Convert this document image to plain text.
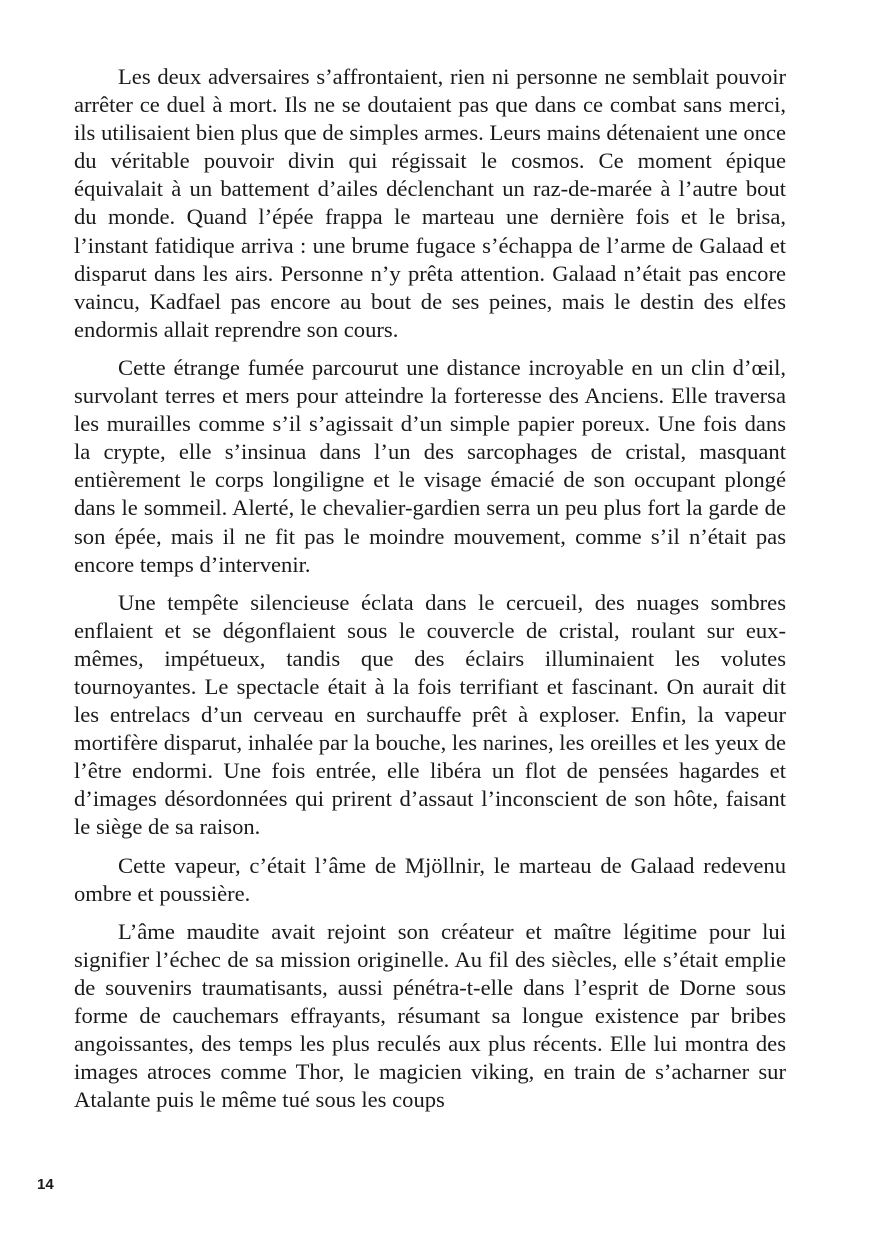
Les deux adversaires s’affrontaient, rien ni personne ne semblait pouvoir arrêter ce duel à mort. Ils ne se doutaient pas que dans ce combat sans merci, ils utilisaient bien plus que de simples armes. Leurs mains détenaient une once du véritable pouvoir divin qui régissait le cosmos. Ce moment épique équivalait à un battement d’ailes déclenchant un raz-de-marée à l’autre bout du monde. Quand l’épée frappa le marteau une dernière fois et le brisa, l’instant fatidique arriva : une brume fugace s’échappa de l’arme de Galaad et disparut dans les airs. Personne n’y prêta attention. Galaad n’était pas encore vaincu, Kadfael pas encore au bout de ses peines, mais le destin des elfes endormis allait reprendre son cours.

Cette étrange fumée parcourut une distance incroyable en un clin d’œil, survolant terres et mers pour atteindre la forteresse des Anciens. Elle traversa les murailles comme s’il s’agissait d’un simple papier poreux. Une fois dans la crypte, elle s’insinua dans l’un des sarcophages de cristal, masquant entièrement le corps longiligne et le visage émacié de son occupant plongé dans le sommeil. Alerté, le chevalier-gardien serra un peu plus fort la garde de son épée, mais il ne fit pas le moindre mouvement, comme s’il n’était pas encore temps d’intervenir.

Une tempête silencieuse éclata dans le cercueil, des nuages sombres enflaient et se dégonflaient sous le couvercle de cristal, roulant sur eux-mêmes, impétueux, tandis que des éclairs illuminaient les volutes tournoyantes. Le spectacle était à la fois terrifiant et fascinant. On aurait dit les entrelacs d’un cerveau en surchauffe prêt à exploser. Enfin, la vapeur mortifère disparut, inhalée par la bouche, les narines, les oreilles et les yeux de l’être endormi. Une fois entrée, elle libéra un flot de pensées hagardes et d’images désordonnées qui prirent d’assaut l’inconscient de son hôte, faisant le siège de sa raison.

Cette vapeur, c’était l’âme de Mjöllnir, le marteau de Galaad redevenu ombre et poussière.

L’âme maudite avait rejoint son créateur et maître légitime pour lui signifier l’échec de sa mission originelle. Au fil des siècles, elle s’était emplie de souvenirs traumatisants, aussi pénétra-t-elle dans l’esprit de Dorne sous forme de cauchemars effrayants, résumant sa longue existence par bribes angoissantes, des temps les plus reculés aux plus récents. Elle lui montra des images atroces comme Thor, le magicien viking, en train de s’acharner sur Atalante puis le même tué sous les coups

14
